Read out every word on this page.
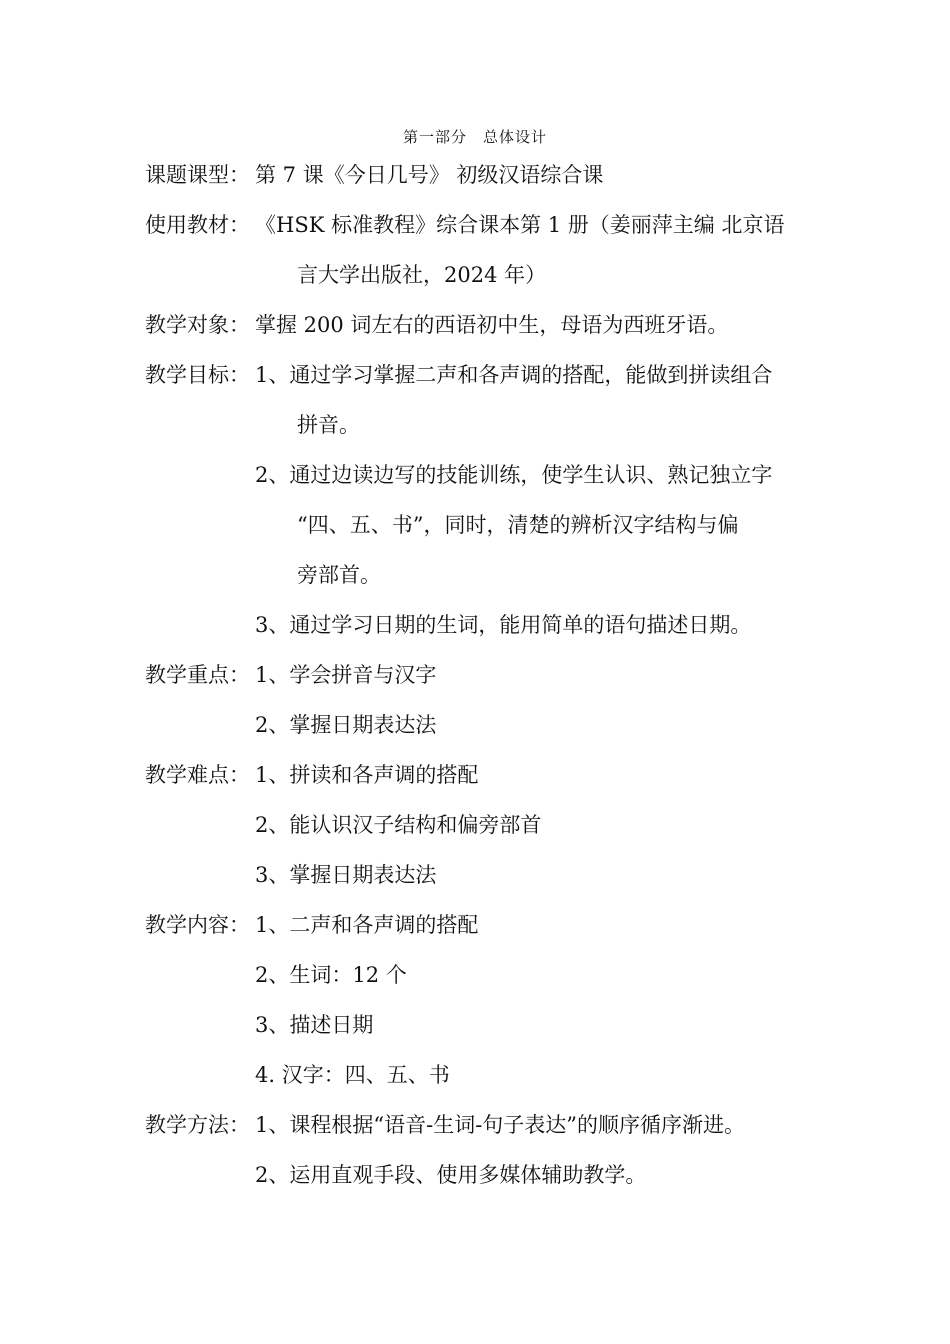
第一部分 总体设计
课题课型： 第 7 课《今日几号》 初级汉语综合课
使用教材： 《HSK 标准教程》综合课本第 1 册（姜丽萍主编 北京语
言大学出版社，2024 年）
教学对象： 掌握 200 词左右的西语初中生，母语为西班牙语。
教学目标： 1、通过学习掌握二声和各声调的搭配，能做到拼读组合
拼音。
2、通过边读边写的技能训练，使学生认识、熟记独立字
“四、五、书”，同时，清楚的辨析汉字结构与偏
旁部首。
3、通过学习日期的生词，能用简单的语句描述日期。
教学重点： 1、学会拼音与汉字
2、掌握日期表达法
教学难点： 1、拼读和各声调的搭配
2、能认识汉子结构和偏旁部首
3、掌握日期表达法
教学内容： 1、二声和各声调的搭配
2、生词：12 个
3、描述日期
4. 汉字：四、五、书
教学方法： 1、课程根据“语音-生词-句子表达”的顺序循序渐进。
2、运用直观手段、使用多媒体辅助教学。
